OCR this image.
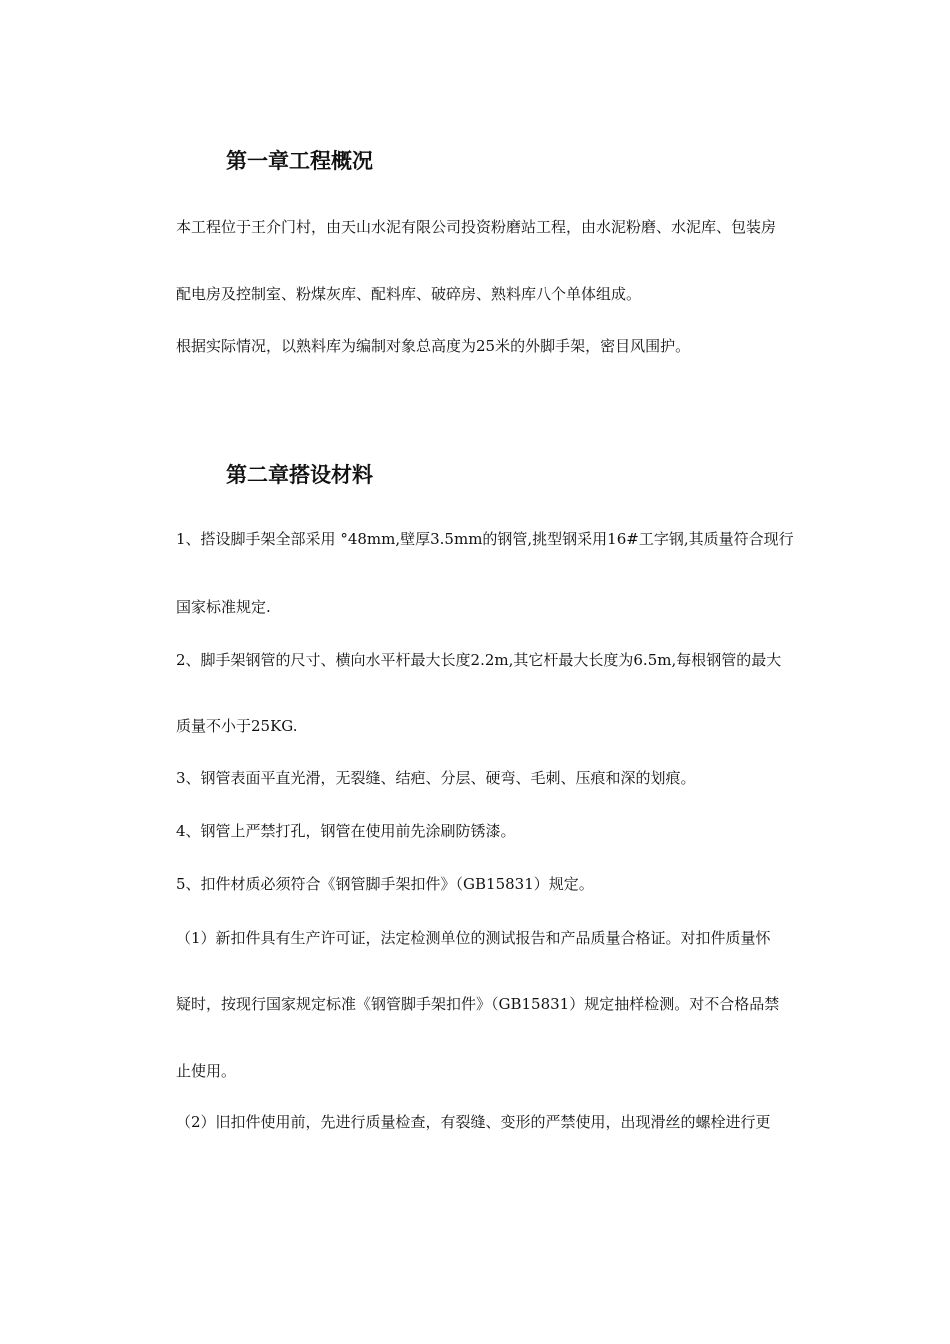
第一章工程概况
本工程位于王介门村，由天山水泥有限公司投资粉磨站工程，由水泥粉磨、水泥库、包装房
配电房及控制室、粉煤灰库、配料库、破碎房、熟料库八个单体组成。
根据实际情况，以熟料库为编制对象总高度为25米的外脚手架，密目风围护。
第二章搭设材料
1、搭设脚手架全部采用 °48mm,壁厚3.5mm的钢管,挑型钢采用16#工字钢,其质量符合现行
国家标准规定.
2、脚手架钢管的尺寸、横向水平杆最大长度2.2m,其它杆最大长度为6.5m,每根钢管的最大
质量不小于25KG.
3、钢管表面平直光滑，无裂缝、结疤、分层、硬弯、毛刺、压痕和深的划痕。
4、钢管上严禁打孔，钢管在使用前先涂刷防锈漆。
5、扣件材质必须符合《钢管脚手架扣件》（GB15831）规定。
（1）新扣件具有生产许可证，法定检测单位的测试报告和产品质量合格证。对扣件质量怀
疑时，按现行国家规定标准《钢管脚手架扣件》（GB15831）规定抽样检测。对不合格品禁
止使用。
（2）旧扣件使用前，先进行质量检查，有裂缝、变形的严禁使用，出现滑丝的螺栓进行更
